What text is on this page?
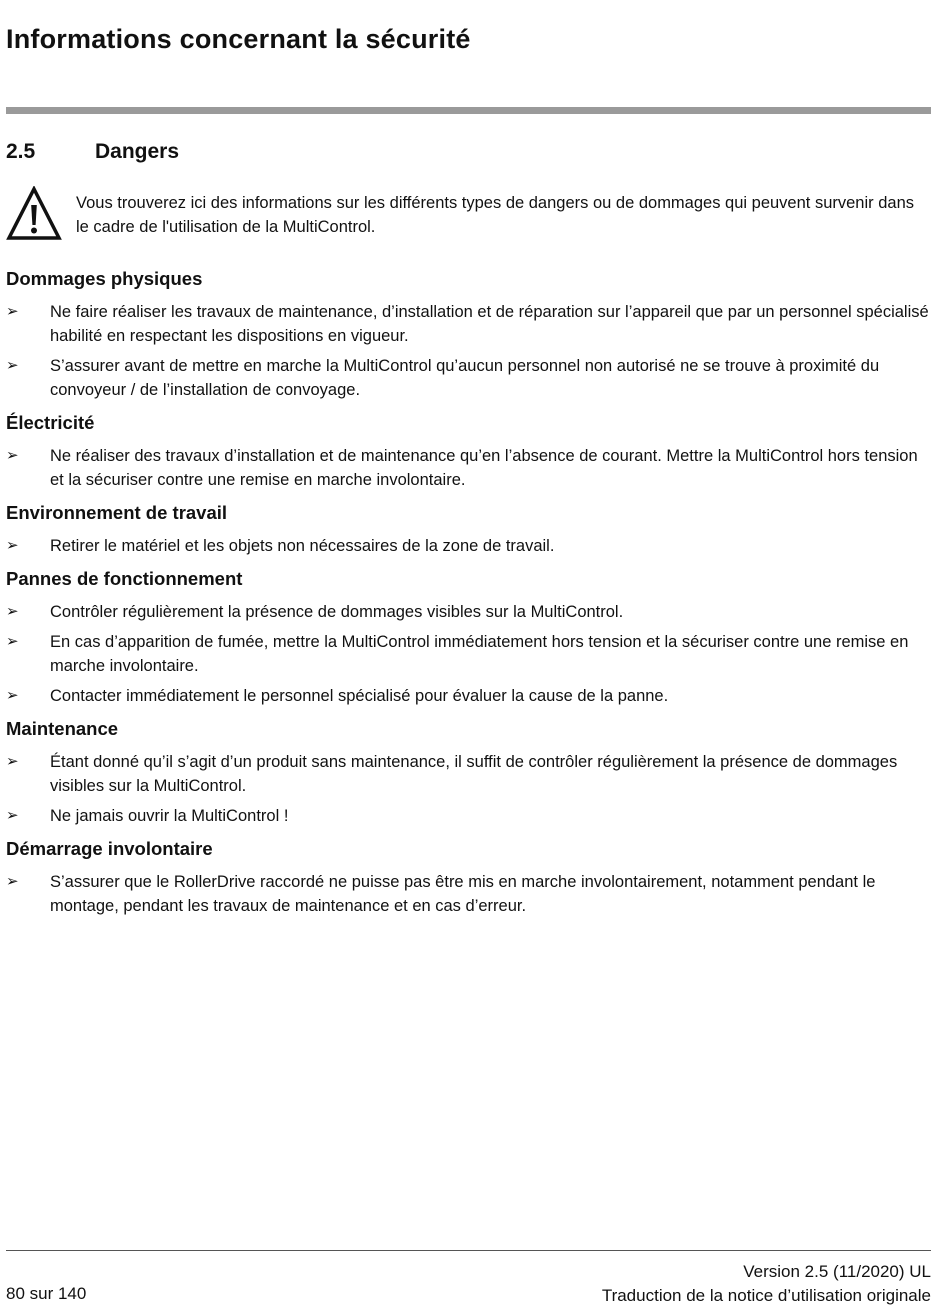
Informations concernant la sécurité
2.5	Dangers
Vous trouverez ici des informations sur les différents types de dangers ou de dommages qui peuvent survenir dans le cadre de l'utilisation de la MultiControl.
Dommages physiques
➢	Ne faire réaliser les travaux de maintenance, d’installation et de réparation sur l’appareil que par un personnel spécialisé habilité en respectant les dispositions en vigueur.
➢	S’assurer avant de mettre en marche la MultiControl qu’aucun personnel non autorisé ne se trouve à proximité du convoyeur / de l’installation de convoyage.
Électricité
➢	Ne réaliser des travaux d’installation et de maintenance qu’en l’absence de courant. Mettre la MultiControl hors tension et la sécuriser contre une remise en marche involontaire.
Environnement de travail
➢	Retirer le matériel et les objets non nécessaires de la zone de travail.
Pannes de fonctionnement
➢	Contrôler régulièrement la présence de dommages visibles sur la MultiControl.
➢	En cas d’apparition de fumée, mettre la MultiControl immédiatement hors tension et la sécuriser contre une remise en marche involontaire.
➢	Contacter immédiatement le personnel spécialisé pour évaluer la cause de la panne.
Maintenance
➢	Étant donné qu’il s’agit d’un produit sans maintenance, il suffit de contrôler régulièrement la présence de dommages visibles sur la MultiControl.
➢	Ne jamais ouvrir la MultiControl !
Démarrage involontaire
➢	S’assurer que le RollerDrive raccordé ne puisse pas être mis en marche involontairement, notamment pendant le montage, pendant les travaux de maintenance et en cas d’erreur.
80 sur 140
Version 2.5 (11/2020) UL
Traduction de la notice d’utilisation originale
